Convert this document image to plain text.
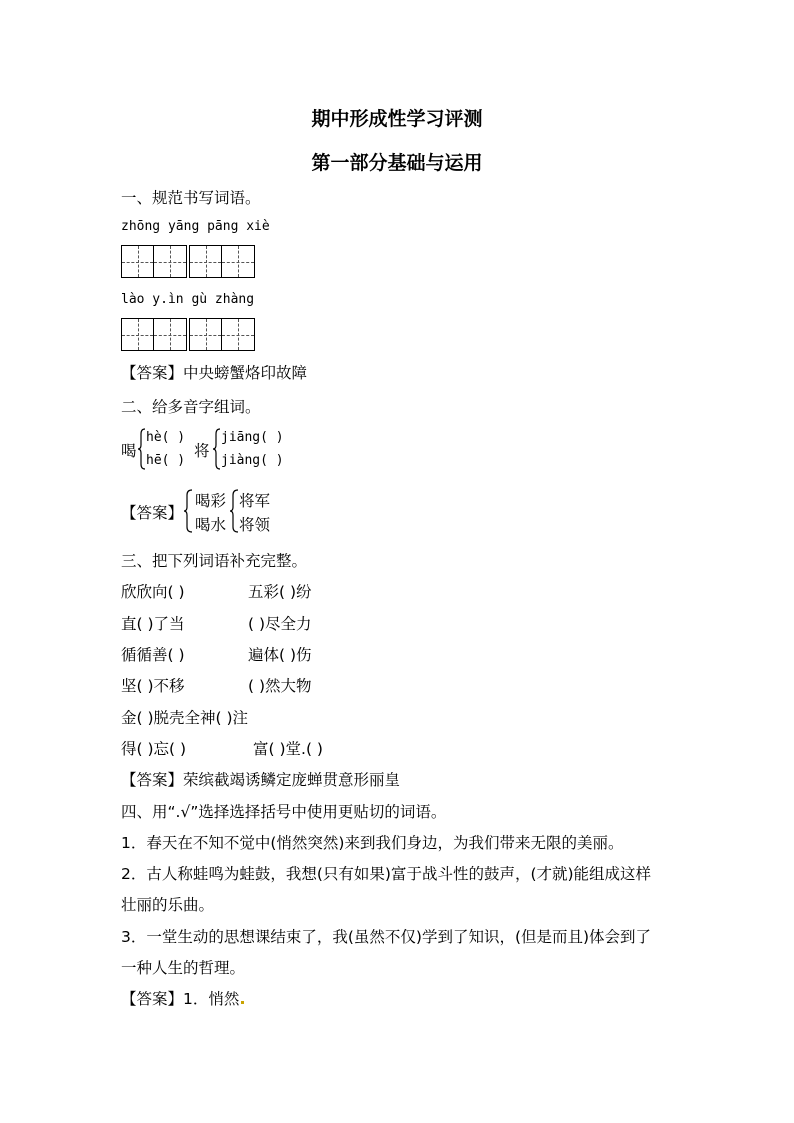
期中形成性学习评测
第一部分基础与运用
一、规范书写词语。
zhōng yāng pāng xiè
lào y.ìn gù zhàng
【答案】中央螃蟹烙印故障
二、给多音字组词。
喝
hè( )
hē( )
将
jiāng( )
jiàng( )
【答案】
喝彩
喝水
将军
将领
三、把下列词语补充完整。
欣欣向( )	五彩( )纷
直( )了当	( )尽全力
循循善( )	遍体( )伤
坚( )不移	( )然大物
金( )脱壳全神( )注
得( )忘( )	富( )堂.( )
【答案】荣缤截竭诱鳞定庞蝉贯意形丽皇
四、用“.√”选择选择括号中使用更贴切的词语。
1．春天在不知不觉中(悄然突然)来到我们身边，为我们带来无限的美丽。
2．古人称蛙鸣为蛙鼓，我想(只有如果)富于战斗性的鼓声，(才就)能组成这样
壮丽的乐曲。
3．一堂生动的思想课结束了，我(虽然不仅)学到了知识，(但是而且)体会到了
一种人生的哲理。
【答案】1．悄然
